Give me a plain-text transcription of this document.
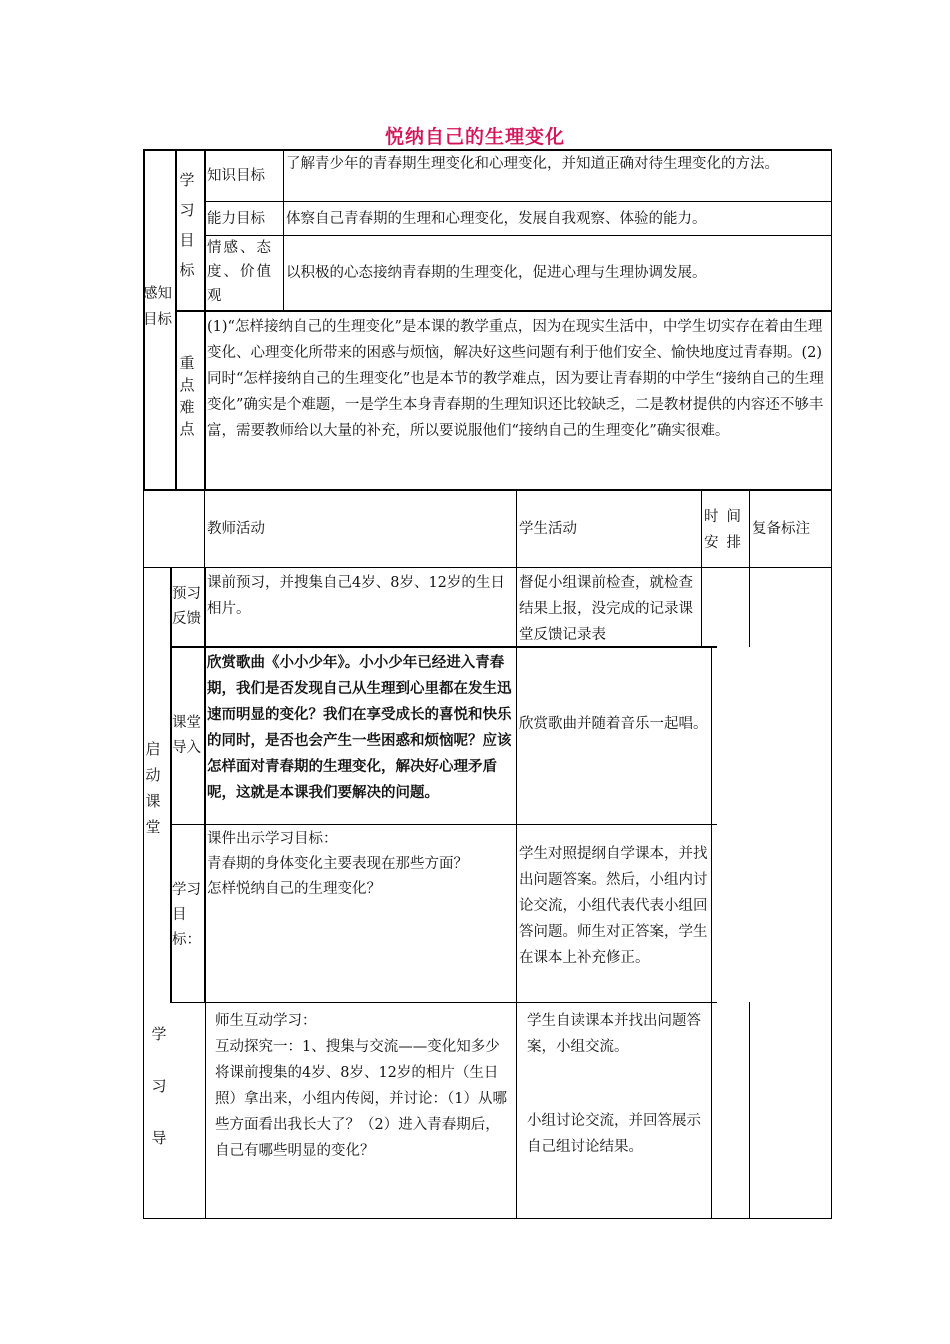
悦纳自己的生理变化
感知目标
学习目标
知识目标
了解青少年的青春期生理变化和心理变化，并知道正确对待生理变化的方法。
能力目标 体察自己青春期的生理和心理变化，发展自我观察、体验的能力。
情感、态度、价值观
以积极的心态接纳青春期的生理变化，促进心理与生理协调发展。
重点难点
(1)“怎样接纳自己的生理变化”是本课的教学重点，因为在现实生活中，中学生切实存在着由生理变化、心理变化所带来的困惑与烦恼，解决好这些问题有利于他们安全、愉快地度过青春期。(2)同时“怎样接纳自己的生理变化”也是本节的教学难点，因为要让青春期的中学生“接纳自己的生理变化”确实是个难题，一是学生本身青春期的生理知识还比较缺乏，二是教材提供的内容还不够丰富，需要教师给以大量的补充，所以要说服他们“接纳自己的生理变化”确实很难。
教师活动	学生活动
时间安排
复备标注
启动课堂
预习反馈
课前预习，并搜集自己4岁、8岁、12岁的生日相片。
督促小组课前检查，就检查结果上报，没完成的记录课堂反馈记录表
课堂导入
欣赏歌曲《小小少年》。小小少年已经进入青春期，我们是否发现自己从生理到心里都在发生迅速而明显的变化？我们在享受成长的喜悦和快乐的同时，是否也会产生一些困惑和烦恼呢？应该怎样面对青春期的生理变化，解决好心理矛盾呢，这就是本课我们要解决的问题。
欣赏歌曲并随着音乐一起唱。
学习目标：
课件出示学习目标：
青春期的身体变化主要表现在那些方面？
怎样悦纳自己的生理变化？
学生对照提纲自学课本，并找出问题答案。然后，小组内讨论交流，小组代表代表小组回答问题。师生对正答案，学生在课本上补充修正。
学习导
师生互动学习：
互动探究一：1、搜集与交流——变化知多少
将课前搜集的4岁、8岁、12岁的相片（生日照）拿出来，小组内传阅，并讨论：（1）从哪些方面看出我长大了？（2）进入青春期后，自己有哪些明显的变化？
学生自读课本并找出问题答案，小组交流。
小组讨论交流，并回答展示自己组讨论结果。
